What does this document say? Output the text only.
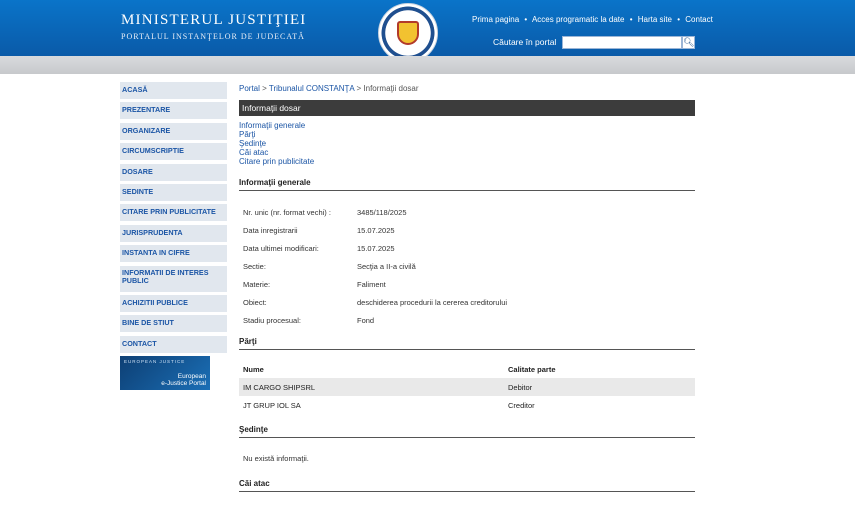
MINISTERUL JUSTIŢIEI
PORTALUL INSTANŢELOR DE JUDECATĂ
Prima pagina • Acces programatic la date • Harta site • Contact
Căutare în portal	🔍︎
ACASĂ
PREZENTARE
ORGANIZARE
CIRCUMSCRIPTIE
DOSARE
SEDINTE
CITARE PRIN PUBLICITATE
JURISPRUDENTA
INSTANTA IN CIFRE
INFORMATII DE INTERES PUBLIC
ACHIZITII PUBLICE
BINE DE STIUT
CONTACT
EUROPEAN JUSTICE
European
e-Justice Portal
Portal > Tribunalul CONSTANŢA > Informaţii dosar
Informaţii dosar
Informaţii generale
Părţi
Şedinţe
Căi atac
Citare prin publicitate
Informaţii generale
Nr. unic (nr. format vechi) :	3485/118/2025
Data inregistrarii	15.07.2025
Data ultimei modificari:	15.07.2025
Sectie:	Secţia a II-a civilă
Materie:	Faliment
Obiect:	deschiderea procedurii la cererea creditorului
Stadiu procesual:	Fond
Părţi
Nume	Calitate parte
IM CARGO SHIPSRL	Debitor
JT GRUP IOL SA	Creditor
Şedinţe
Nu există informaţii.
Căi atac
